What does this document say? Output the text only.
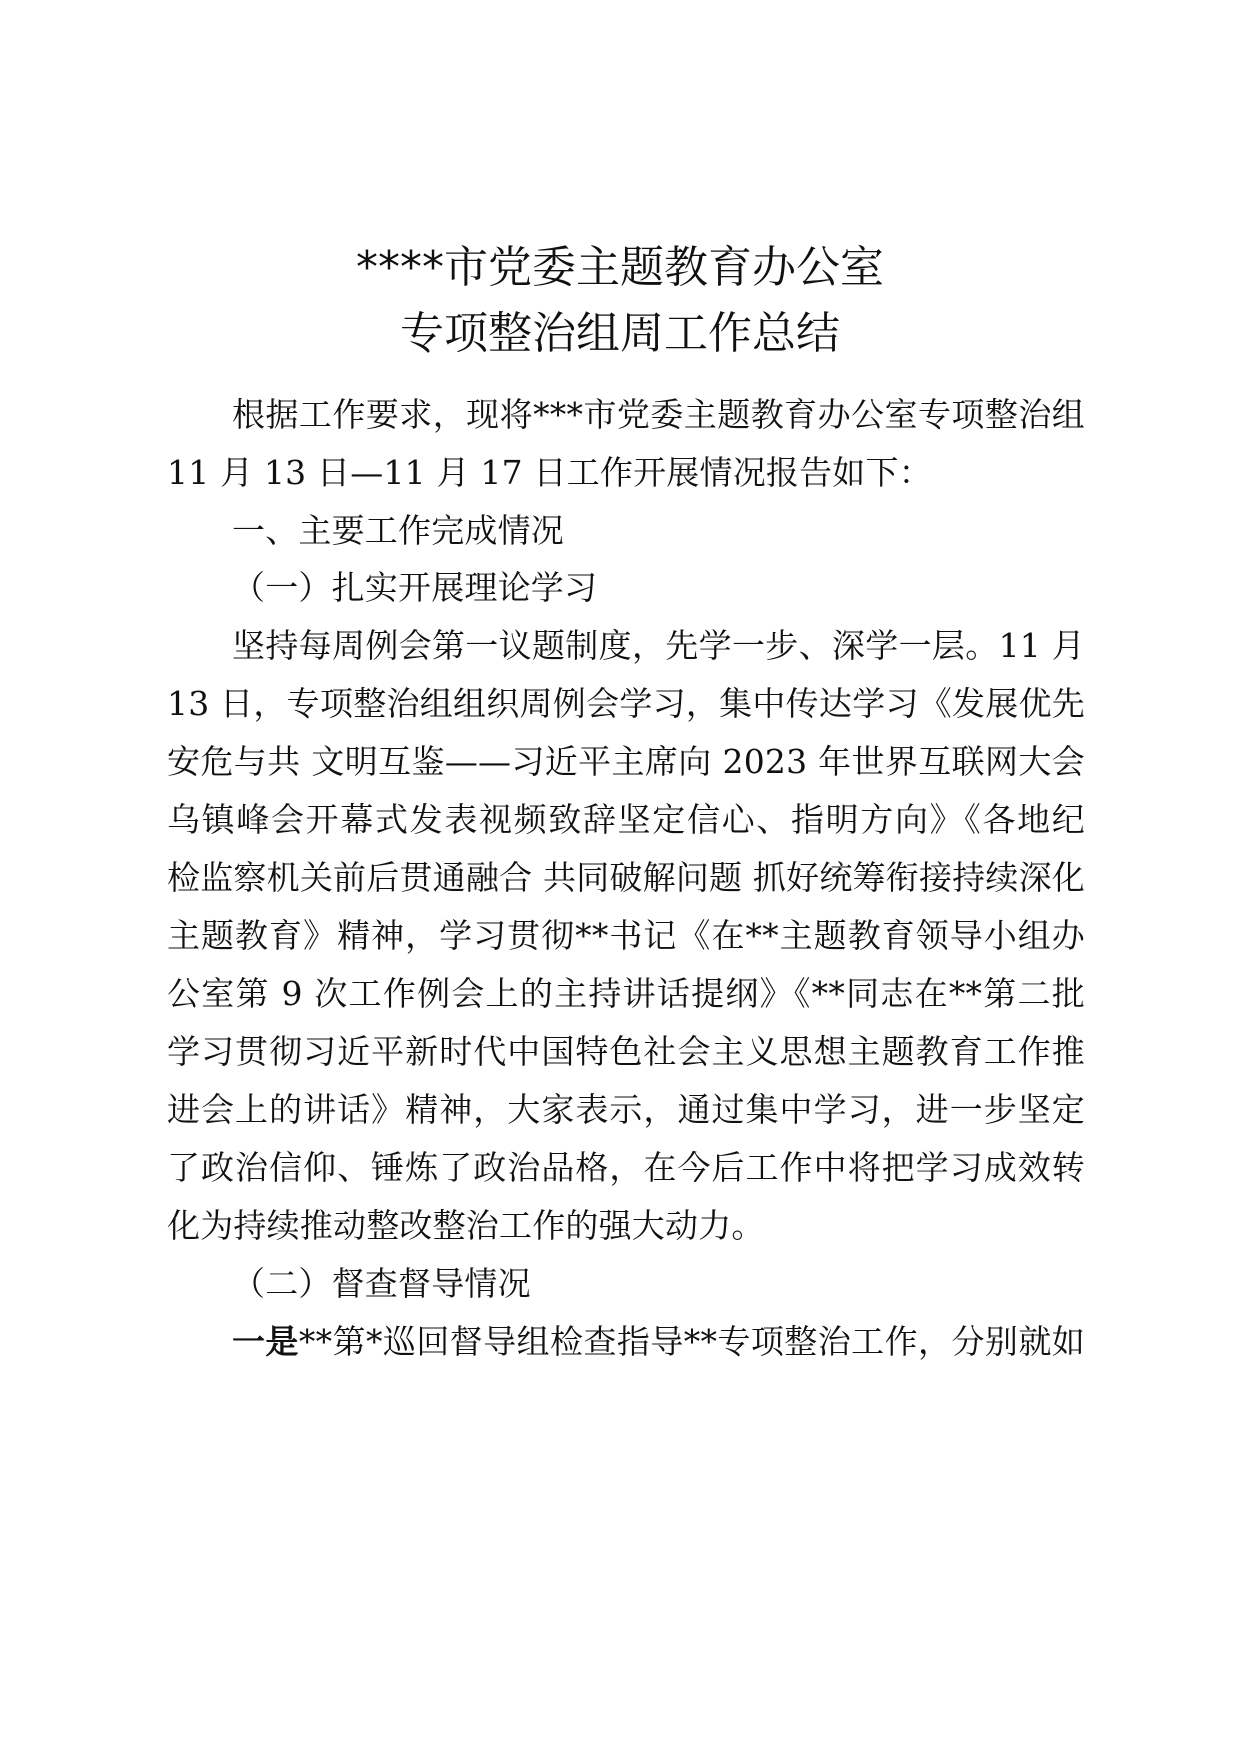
****市党委主题教育办公室
专项整治组周工作总结
根据工作要求，现将***市党委主题教育办公室专项整治组
11 月 13 日—11 月 17 日工作开展情况报告如下：
一、主要工作完成情况
（一）扎实开展理论学习
坚持每周例会第一议题制度，先学一步、深学一层。11 月
13 日，专项整治组组织周例会学习，集中传达学习《发展优先
安危与共 文明互鉴——习近平主席向 2023 年世界互联网大会
乌镇峰会开幕式发表视频致辞坚定信心、指明方向》《各地纪
检监察机关前后贯通融合 共同破解问题 抓好统筹衔接持续深化
主题教育》精神，学习贯彻**书记《在**主题教育领导小组办
公室第 9 次工作例会上的主持讲话提纲》《**同志在**第二批
学习贯彻习近平新时代中国特色社会主义思想主题教育工作推
进会上的讲话》精神，大家表示，通过集中学习，进一步坚定
了政治信仰、锤炼了政治品格，在今后工作中将把学习成效转
化为持续推动整改整治工作的强大动力。
（二）督查督导情况
一是**第*巡回督导组检查指导**专项整治工作，分别就如
